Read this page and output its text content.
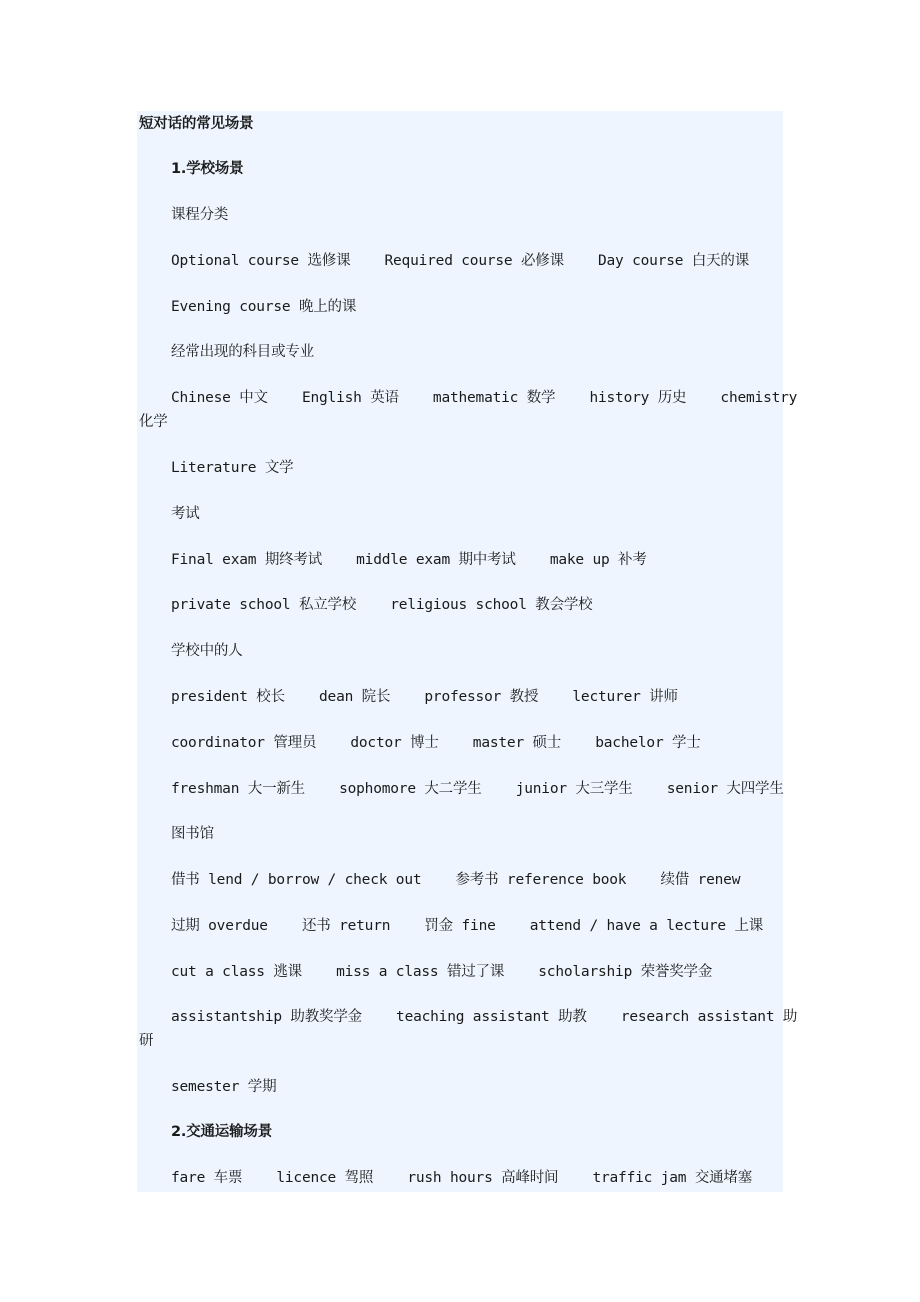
短对话的常见场景
1.学校场景
课程分类
Optional course 选修课    Required course 必修课    Day course 白天的课
Evening course 晚上的课
经常出现的科目或专业
Chinese 中文    English 英语    mathematic 数学    history 历史    chemistry
化学
Literature 文学
考试
Final exam 期终考试    middle exam 期中考试    make up 补考
private school 私立学校    religious school 教会学校
学校中的人
president 校长    dean 院长    professor 教授    lecturer 讲师
coordinator 管理员    doctor 博士    master 硕士    bachelor 学士
freshman 大一新生    sophomore 大二学生    junior 大三学生    senior 大四学生
图书馆
借书 lend / borrow / check out    参考书 reference book    续借 renew
过期 overdue    还书 return    罚金 fine    attend / have a lecture 上课
cut a class 逃课    miss a class 错过了课    scholarship 荣誉奖学金
assistantship 助教奖学金    teaching assistant 助教    research assistant 助
研
semester 学期
2.交通运输场景
fare 车票    licence 驾照    rush hours 高峰时间    traffic jam 交通堵塞
